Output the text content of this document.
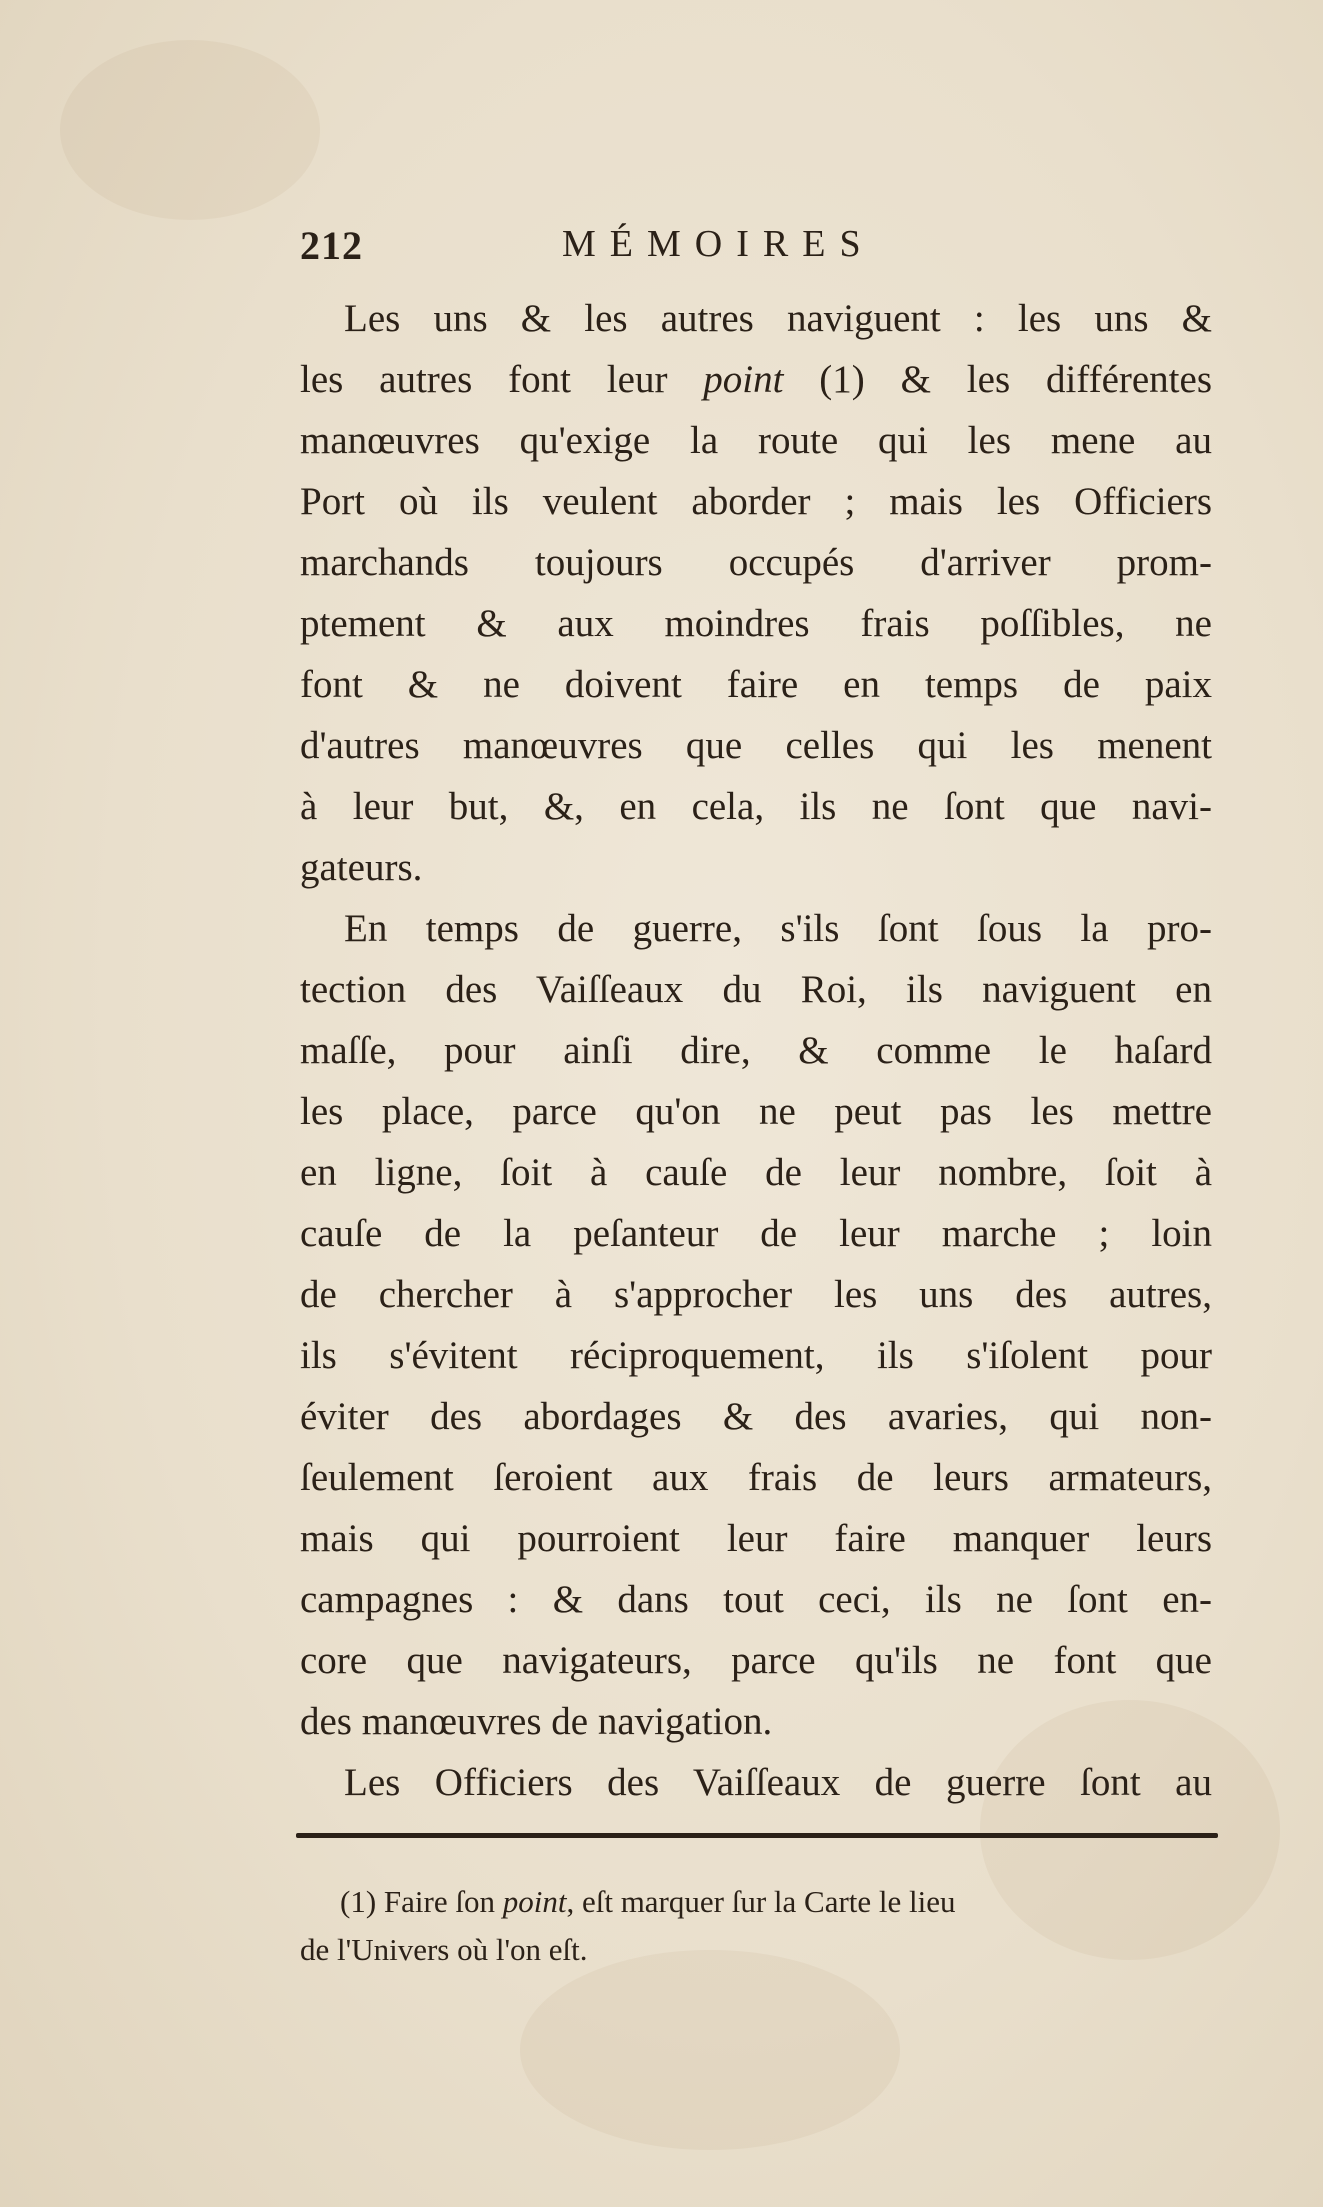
212	MÉMOIRES
Les uns & les autres naviguent : les uns &
les autres font leur point (1) & les différentes
manœuvres qu'exige la route qui les mene au
Port où ils veulent aborder ; mais les Officiers
marchands toujours occupés d'arriver prom-
ptement & aux moindres frais poſſibles, ne
font & ne doivent faire en temps de paix
d'autres manœuvres que celles qui les menent
à leur but, &, en cela, ils ne ſont que navi-
gateurs.
En temps de guerre, s'ils ſont ſous la pro-
tection des Vaiſſeaux du Roi, ils naviguent en
maſſe, pour ainſi dire, & comme le haſard
les place, parce qu'on ne peut pas les mettre
en ligne, ſoit à cauſe de leur nombre, ſoit à
cauſe de la peſanteur de leur marche ; loin
de chercher à s'approcher les uns des autres,
ils s'évitent réciproquement, ils s'iſolent pour
éviter des abordages & des avaries, qui non-
ſeulement ſeroient aux frais de leurs armateurs,
mais qui pourroient leur faire manquer leurs
campagnes : & dans tout ceci, ils ne ſont en-
core que navigateurs, parce qu'ils ne font que
des manœuvres de navigation.
Les Officiers des Vaiſſeaux de guerre ſont au
(1) Faire ſon point, eſt marquer ſur la Carte le lieu
de l'Univers où l'on eſt.
